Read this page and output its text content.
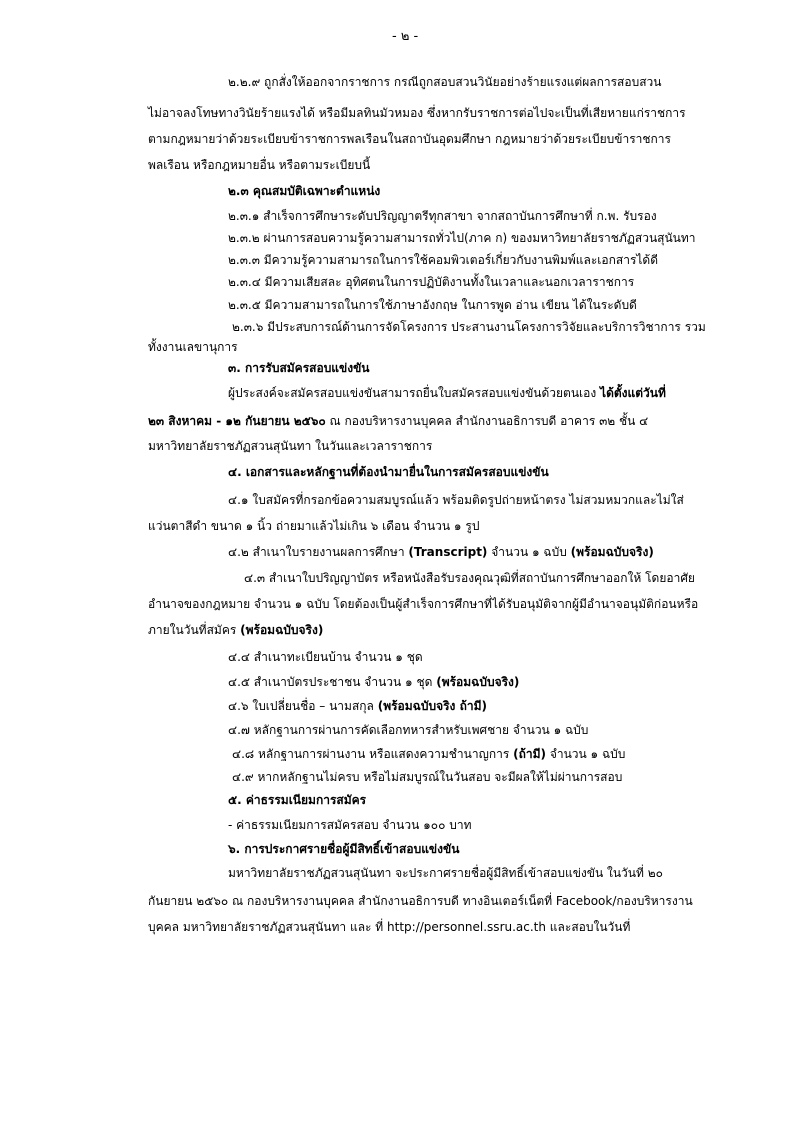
- ๒ -
๒.๒.๙ ถูกสั่งให้ออกจากราชการ กรณีถูกสอบสวนวินัยอย่างร้ายแรงแต่ผลการสอบสวน
ไม่อาจลงโทษทางวินัยร้ายแรงได้ หรือมีมลทินมัวหมอง ซึ่งหากรับราชการต่อไปจะเป็นที่เสียหายแก่ราชการ
ตามกฎหมายว่าด้วยระเบียบข้าราชการพลเรือนในสถาบันอุดมศึกษา กฎหมายว่าด้วยระเบียบข้าราชการ
พลเรือน หรือกฎหมายอื่น หรือตามระเบียบนี้
๒.๓ คุณสมบัติเฉพาะตำแหน่ง
๒.๓.๑ สำเร็จการศึกษาระดับปริญญาตรีทุกสาขา จากสถาบันการศึกษาที่ ก.พ. รับรอง
๒.๓.๒ ผ่านการสอบความรู้ความสามารถทั่วไป(ภาค ก) ของมหาวิทยาลัยราชภัฏสวนสุนันทา
๒.๓.๓ มีความรู้ความสามารถในการใช้คอมพิวเตอร์เกี่ยวกับงานพิมพ์และเอกสารได้ดี
๒.๓.๔ มีความเสียสละ อุทิศตนในการปฏิบัติงานทั้งในเวลาและนอกเวลาราชการ
๒.๓.๕ มีความสามารถในการใช้ภาษาอังกฤษ ในการพูด อ่าน เขียน ได้ในระดับดี
๒.๓.๖ มีประสบการณ์ด้านการจัดโครงการ ประสานงานโครงการวิจัยและบริการวิชาการ รวม
ทั้งงานเลขานุการ
๓. การรับสมัครสอบแข่งขัน
ผู้ประสงค์จะสมัครสอบแข่งขันสามารถยื่นใบสมัครสอบแข่งขันด้วยตนเอง ได้ตั้งแต่วันที่
๒๓ สิงหาคม - ๑๒ กันยายน ๒๕๖๐ ณ กองบริหารงานบุคคล สำนักงานอธิการบดี อาคาร ๓๒ ชั้น ๔
มหาวิทยาลัยราชภัฏสวนสุนันทา ในวันและเวลาราชการ
๔. เอกสารและหลักฐานที่ต้องนำมายื่นในการสมัครสอบแข่งขัน
๔.๑ ใบสมัครที่กรอกข้อความสมบูรณ์แล้ว พร้อมติดรูปถ่ายหน้าตรง ไม่สวมหมวกและไม่ใส่
แว่นตาสีดำ ขนาด ๑ นิ้ว ถ่ายมาแล้วไม่เกิน ๖ เดือน จำนวน ๑ รูป
๔.๒ สำเนาใบรายงานผลการศึกษา (Transcript) จำนวน ๑ ฉบับ (พร้อมฉบับจริง)
๔.๓ สำเนาใบปริญญาบัตร หรือหนังสือรับรองคุณวุฒิที่สถาบันการศึกษาออกให้ โดยอาศัย
อำนาจของกฎหมาย จำนวน ๑ ฉบับ โดยต้องเป็นผู้สำเร็จการศึกษาที่ได้รับอนุมัติจากผู้มีอำนาจอนุมัติก่อนหรือ
ภายในวันที่สมัคร (พร้อมฉบับจริง)
๔.๔ สำเนาทะเบียนบ้าน จำนวน ๑ ชุด
๔.๕ สำเนาบัตรประชาชน จำนวน ๑ ชุด (พร้อมฉบับจริง)
๔.๖ ใบเปลี่ยนชื่อ – นามสกุล (พร้อมฉบับจริง ถ้ามี)
๔.๗ หลักฐานการผ่านการคัดเลือกทหารสำหรับเพศชาย จำนวน ๑ ฉบับ
๔.๘ หลักฐานการผ่านงาน หรือแสดงความชำนาญการ (ถ้ามี) จำนวน ๑ ฉบับ
๔.๙ หากหลักฐานไม่ครบ หรือไม่สมบูรณ์ในวันสอบ จะมีผลให้ไม่ผ่านการสอบ
๕. ค่าธรรมเนียมการสมัคร
- ค่าธรรมเนียมการสมัครสอบ จำนวน ๑๐๐ บาท
๖. การประกาศรายชื่อผู้มีสิทธิ์เข้าสอบแข่งขัน
มหาวิทยาลัยราชภัฏสวนสุนันทา จะประกาศรายชื่อผู้มีสิทธิ์เข้าสอบแข่งขัน ในวันที่ ๒๐
กันยายน ๒๕๖๐ ณ กองบริหารงานบุคคล สำนักงานอธิการบดี ทางอินเตอร์เน็ตที่ Facebook/กองบริหารงาน
บุคคล มหาวิทยาลัยราชภัฏสวนสุนันทา และ ที่ http://personnel.ssru.ac.th และสอบในวันที่
